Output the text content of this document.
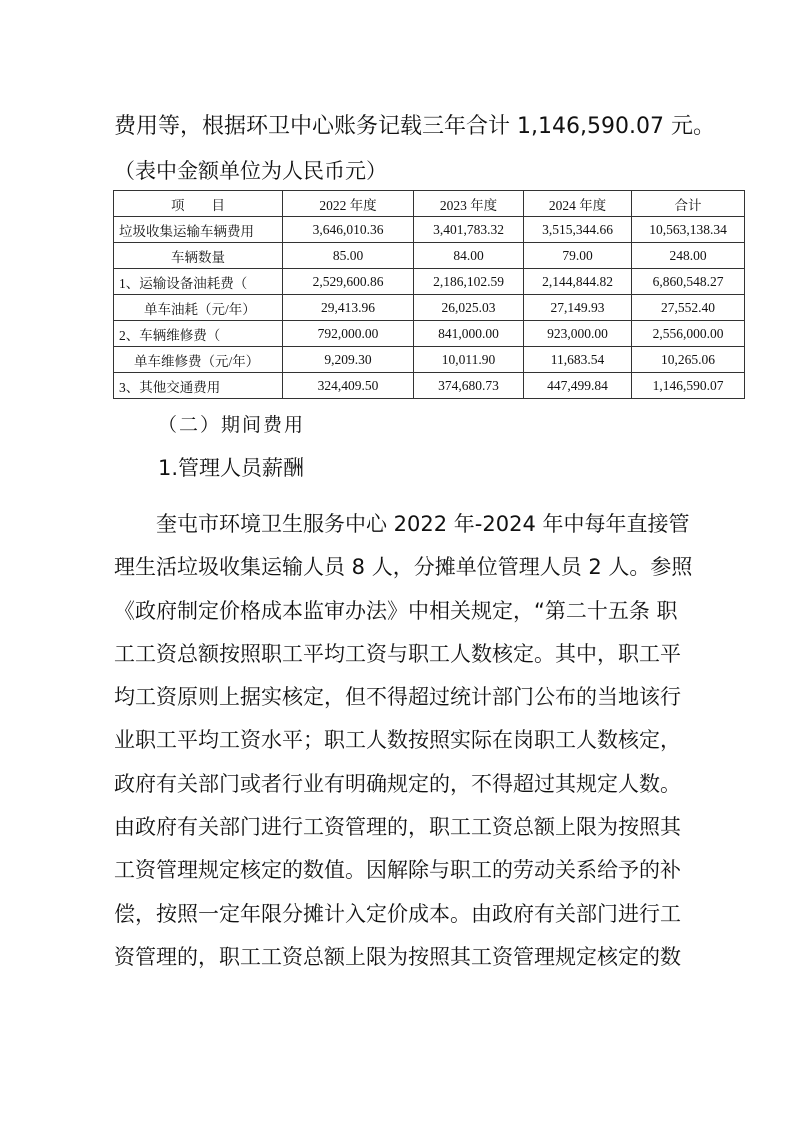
费用等，根据环卫中心账务记载三年合计 1,146,590.07 元。
（表中金额单位为人民币元）
项　　目	2022 年度	2023 年度	2024 年度	合计
垃圾收集运输车辆费用	3,646,010.36	3,401,783.32	3,515,344.66	10,563,138.34
车辆数量	85.00	84.00	79.00	248.00
1、运输设备油耗费（	2,529,600.86	2,186,102.59	2,144,844.82	6,860,548.27
单车油耗（元/年）	29,413.96	26,025.03	27,149.93	27,552.40
2、车辆维修费（	792,000.00	841,000.00	923,000.00	2,556,000.00
单车维修费（元/年）	9,209.30	10,011.90	11,683.54	10,265.06
3、其他交通费用	324,409.50	374,680.73	447,499.84	1,146,590.07
（二）期间费用
1.管理人员薪酬
　　奎屯市环境卫生服务中心 2022 年-2024 年中每年直接管
理生活垃圾收集运输人员 8 人，分摊单位管理人员 2 人。参照
《政府制定价格成本监审办法》中相关规定，“第二十五条 职
工工资总额按照职工平均工资与职工人数核定。其中，职工平
均工资原则上据实核定，但不得超过统计部门公布的当地该行
业职工平均工资水平；职工人数按照实际在岗职工人数核定，
政府有关部门或者行业有明确规定的，不得超过其规定人数。
由政府有关部门进行工资管理的，职工工资总额上限为按照其
工资管理规定核定的数值。因解除与职工的劳动关系给予的补
偿，按照一定年限分摊计入定价成本。由政府有关部门进行工
资管理的，职工工资总额上限为按照其工资管理规定核定的数
